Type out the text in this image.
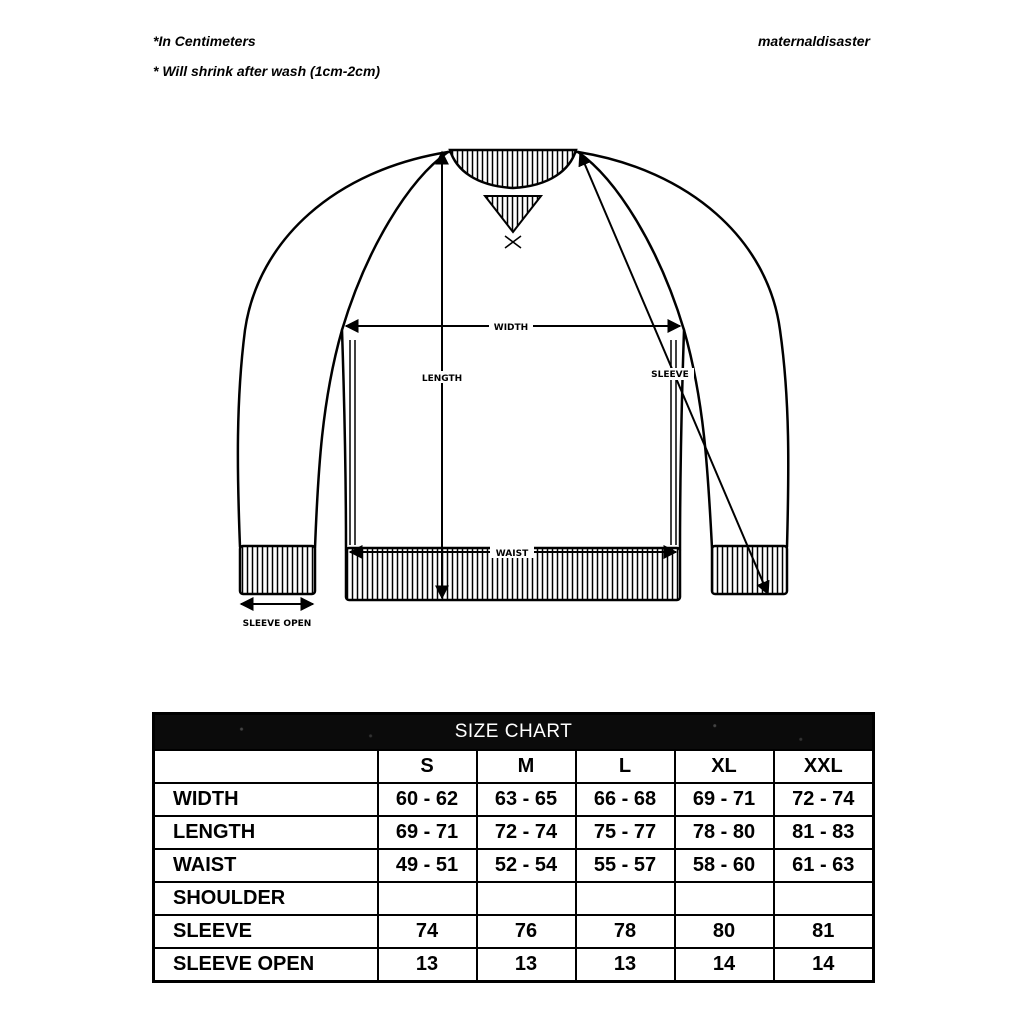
*In Centimeters
* Will shrink after wash (1cm-2cm)
maternaldisaster
WIDTH
LENGTH	SLEEVE
WAIST
SLEEVE OPEN
SIZE CHART					
	S	M	L	XL	XXL
WIDTH	60 - 62	63 - 65	66 - 68	69 - 71	72 - 74
LENGTH	69 - 71	72 - 74	75 - 77	78 - 80	81 - 83
WAIST	49 - 51	52 - 54	55 - 57	58 - 60	61 - 63
SHOULDER					
SLEEVE	74	76	78	80	81
SLEEVE OPEN	13	13	13	14	14
